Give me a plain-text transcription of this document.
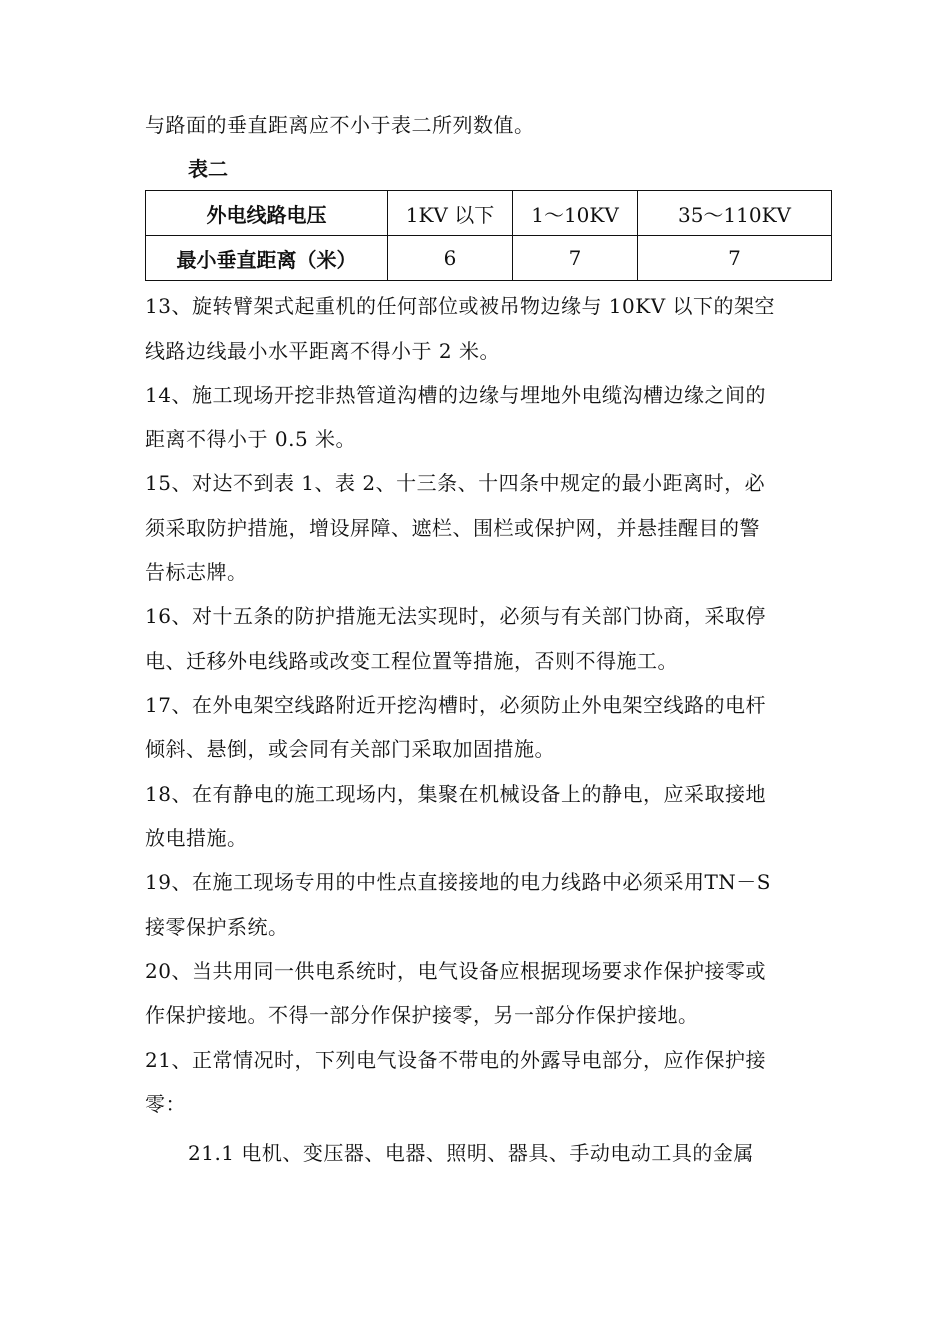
与路面的垂直距离应不小于表二所列数值。
表二
外电线路电压	1KV 以下	1～10KV	35～110KV
最小垂直距离（米）	6	7	7
13、旋转臂架式起重机的任何部位或被吊物边缘与 10KV 以下的架空
线路边线最小水平距离不得小于 2 米。
14、施工现场开挖非热管道沟槽的边缘与埋地外电缆沟槽边缘之间的
距离不得小于 0.5 米。
15、对达不到表 1、表 2、十三条、十四条中规定的最小距离时，必
须采取防护措施，增设屏障、遮栏、围栏或保护网，并悬挂醒目的警
告标志牌。
16、对十五条的防护措施无法实现时，必须与有关部门协商，采取停
电、迁移外电线路或改变工程位置等措施，否则不得施工。
17、在外电架空线路附近开挖沟槽时，必须防止外电架空线路的电杆
倾斜、悬倒，或会同有关部门采取加固措施。
18、在有静电的施工现场内，集聚在机械设备上的静电，应采取接地
放电措施。
19、在施工现场专用的中性点直接接地的电力线路中必须采用TN－S
接零保护系统。
20、当共用同一供电系统时，电气设备应根据现场要求作保护接零或
作保护接地。不得一部分作保护接零，另一部分作保护接地。
21、正常情况时，下列电气设备不带电的外露导电部分，应作保护接
零：
21.1 电机、变压器、电器、照明、器具、手动电动工具的金属
